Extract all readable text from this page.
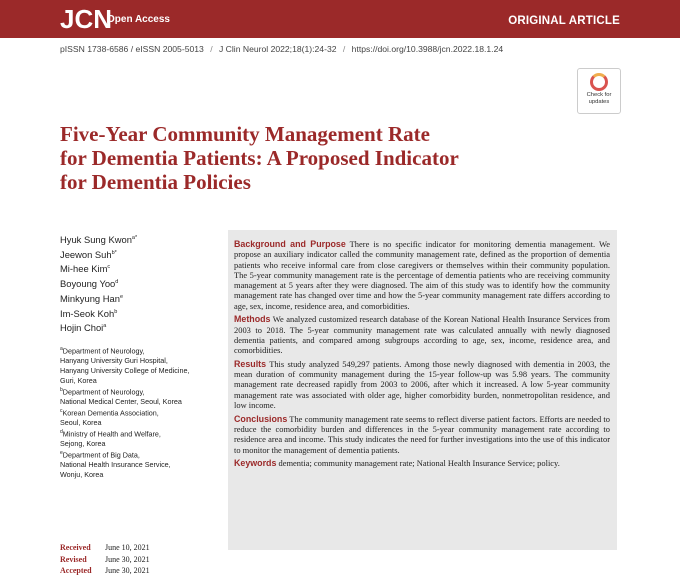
JCN
Open Access	ORIGINAL ARTICLE
pISSN 1738-6586 / eISSN 2005-5013 / J Clin Neurol 2022;18(1):24-32 / https://doi.org/10.3988/jcn.2022.18.1.24
Check for
updates
Five-Year Community Management Rate
for Dementia Patients: A Proposed Indicator
for Dementia Policies
Hyuk Sung Kwon$^{a*}$
Jeewon Suh$^{b*}$
Mi-hee Kim$^c$
Boyoung Yoo$^d$
Minkyung Han$^e$
Im-Seok Koh$^b$
Hojin Choi$^a$
$^a$Department of Neurology,
Hanyang University Guri Hospital,
Hanyang University College of Medicine,
Guri, Korea
$^b$Department of Neurology,
National Medical Center, Seoul, Korea
$^c$Korean Dementia Association,
Seoul, Korea
$^d$Ministry of Health and Welfare,
Sejong, Korea
$^e$Department of Big Data,
National Health Insurance Service,
Wonju, Korea
Received June 10, 2021
Revised June 30, 2021
Accepted June 30, 2021

Background and Purpose There is no specific indicator for monitoring dementia management. We propose an auxiliary indicator called the community management rate, defined as the proportion of dementia patients who receive informal care from close caregivers or themselves within their community population. The 5-year community management rate is the percentage of dementia patients who are receiving community management at 5 years after they were diagnosed. The aim of this study was to identify how the community management rate has changed over time and how the 5-year community management rate differs according to age, sex, income, residence area, and comorbidities.

Methods We analyzed customized research database of the Korean National Health Insurance Services from 2003 to 2018. The 5-year community management rate was calculated annually with newly diagnosed dementia patients, and compared among subgroups according to age, sex, income, residence area, and comorbidities.

Results This study analyzed 549,297 patients. Among those newly diagnosed with dementia in 2003, the mean duration of community management during the 15-year follow-up was 5.98 years. The community management rate decreased rapidly from 2003 to 2006, after which it increased. A low 5-year community management rate was associated with older age, higher comorbidity burden, nonmetropolitan residence, and low income.

Conclusions The community management rate seems to reflect diverse patient factors. Efforts are needed to reduce the comorbidity burden and differences in the 5-year community management rate according to residence area and income. This study indicates the need for further investigations into the use of this indicator to monitor the management of dementia patients.

Keywords dementia; community management rate; National Health Insurance Service; policy.
